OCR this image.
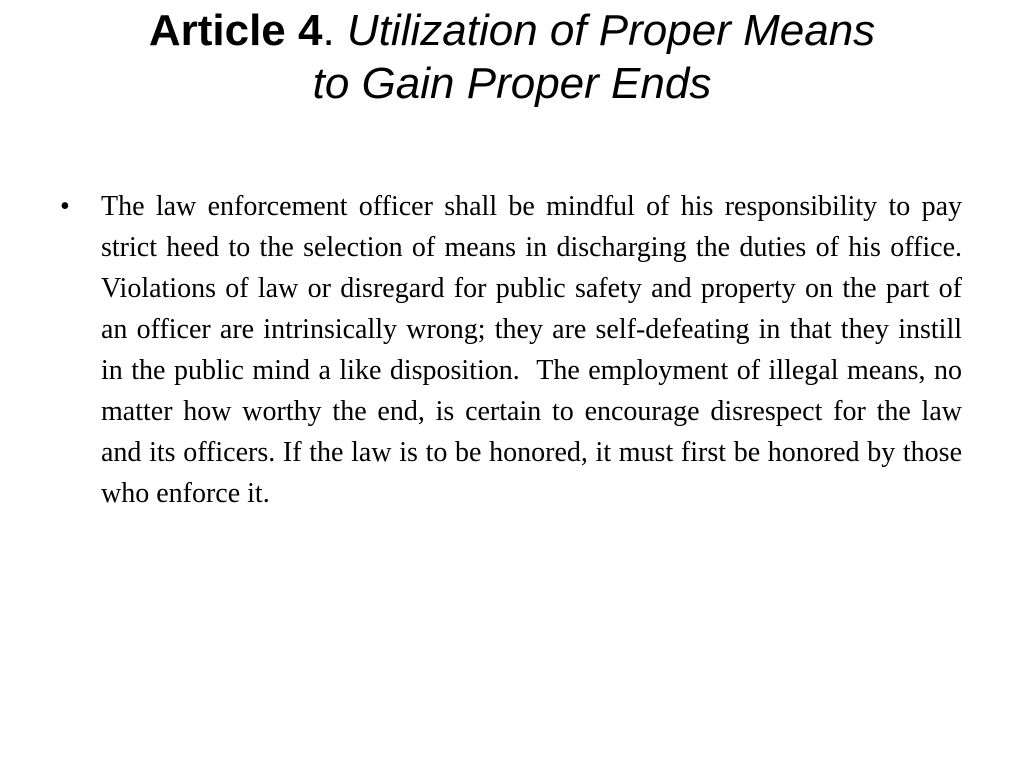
Article 4. Utilization of Proper Means
to Gain Proper Ends
•	The law enforcement officer shall be mindful of his responsibility to pay strict heed to the selection of means in discharging the duties of his office.  Violations of law or disregard for public safety and property on the part of an officer are intrinsically wrong; they are self-defeating in that they instill in the public mind a like disposition.  The employment of illegal means, no matter how worthy the end, is certain to encourage disrespect for the law and its officers. If the law is to be honored, it must first be honored by those who enforce it.
